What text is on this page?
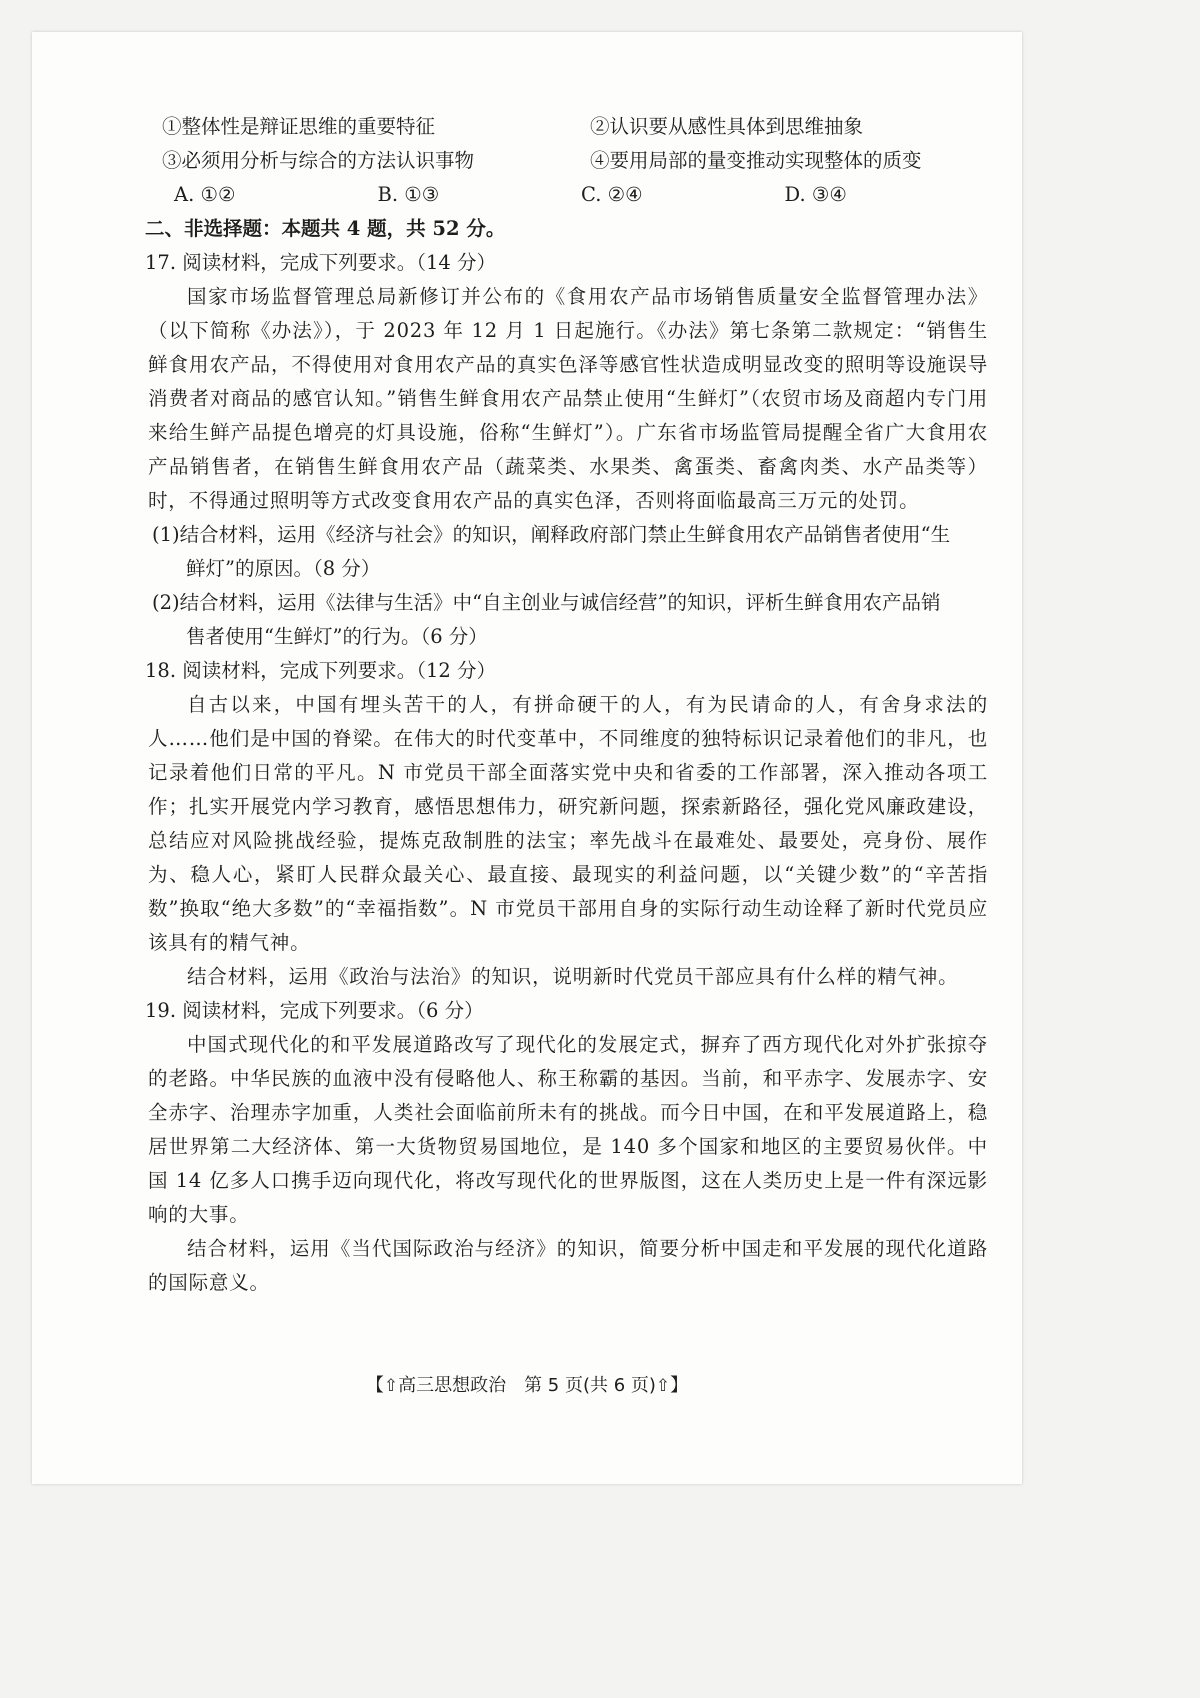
①整体性是辩证思维的重要特征	②认识要从感性具体到思维抽象
③必须用分析与综合的方法认识事物	④要用局部的量变推动实现整体的质变
A. ①②	B. ①③	C. ②④	D. ③④
二、非选择题：本题共 4 题，共 52 分。
17. 阅读材料，完成下列要求。（14 分）
国家市场监督管理总局新修订并公布的《食用农产品市场销售质量安全监督管理办法》（以下简称《办法》），于 2023 年 12 月 1 日起施行。《办法》第七条第二款规定：“销售生鲜食用农产品，不得使用对食用农产品的真实色泽等感官性状造成明显改变的照明等设施误导消费者对商品的感官认知。”销售生鲜食用农产品禁止使用“生鲜灯”（农贸市场及商超内专门用来给生鲜产品提色增亮的灯具设施，俗称“生鲜灯”）。广东省市场监管局提醒全省广大食用农产品销售者，在销售生鲜食用农产品（蔬菜类、水果类、禽蛋类、畜禽肉类、水产品类等）时，不得通过照明等方式改变食用农产品的真实色泽，否则将面临最高三万元的处罚。
(1)结合材料，运用《经济与社会》的知识，阐释政府部门禁止生鲜食用农产品销售者使用“生
鲜灯”的原因。（8 分）
(2)结合材料，运用《法律与生活》中“自主创业与诚信经营”的知识，评析生鲜食用农产品销
售者使用“生鲜灯”的行为。（6 分）
18. 阅读材料，完成下列要求。（12 分）
自古以来，中国有埋头苦干的人，有拼命硬干的人，有为民请命的人，有舍身求法的人……他们是中国的脊梁。在伟大的时代变革中，不同维度的独特标识记录着他们的非凡，也记录着他们日常的平凡。N 市党员干部全面落实党中央和省委的工作部署，深入推动各项工作；扎实开展党内学习教育，感悟思想伟力，研究新问题，探索新路径，强化党风廉政建设，总结应对风险挑战经验，提炼克敌制胜的法宝；率先战斗在最难处、最要处，亮身份、展作为、稳人心，紧盯人民群众最关心、最直接、最现实的利益问题，以“关键少数”的“辛苦指数”换取“绝大多数”的“幸福指数”。N 市党员干部用自身的实际行动生动诠释了新时代党员应该具有的精气神。
结合材料，运用《政治与法治》的知识，说明新时代党员干部应具有什么样的精气神。
19. 阅读材料，完成下列要求。（6 分）
中国式现代化的和平发展道路改写了现代化的发展定式，摒弃了西方现代化对外扩张掠夺的老路。中华民族的血液中没有侵略他人、称王称霸的基因。当前，和平赤字、发展赤字、安全赤字、治理赤字加重，人类社会面临前所未有的挑战。而今日中国，在和平发展道路上，稳居世界第二大经济体、第一大货物贸易国地位，是 140 多个国家和地区的主要贸易伙伴。中国 14 亿多人口携手迈向现代化，将改写现代化的世界版图，这在人类历史上是一件有深远影响的大事。
结合材料，运用《当代国际政治与经济》的知识，简要分析中国走和平发展的现代化道路的国际意义。
【⇧高三思想政治　第 5 页(共 6 页)⇧】
